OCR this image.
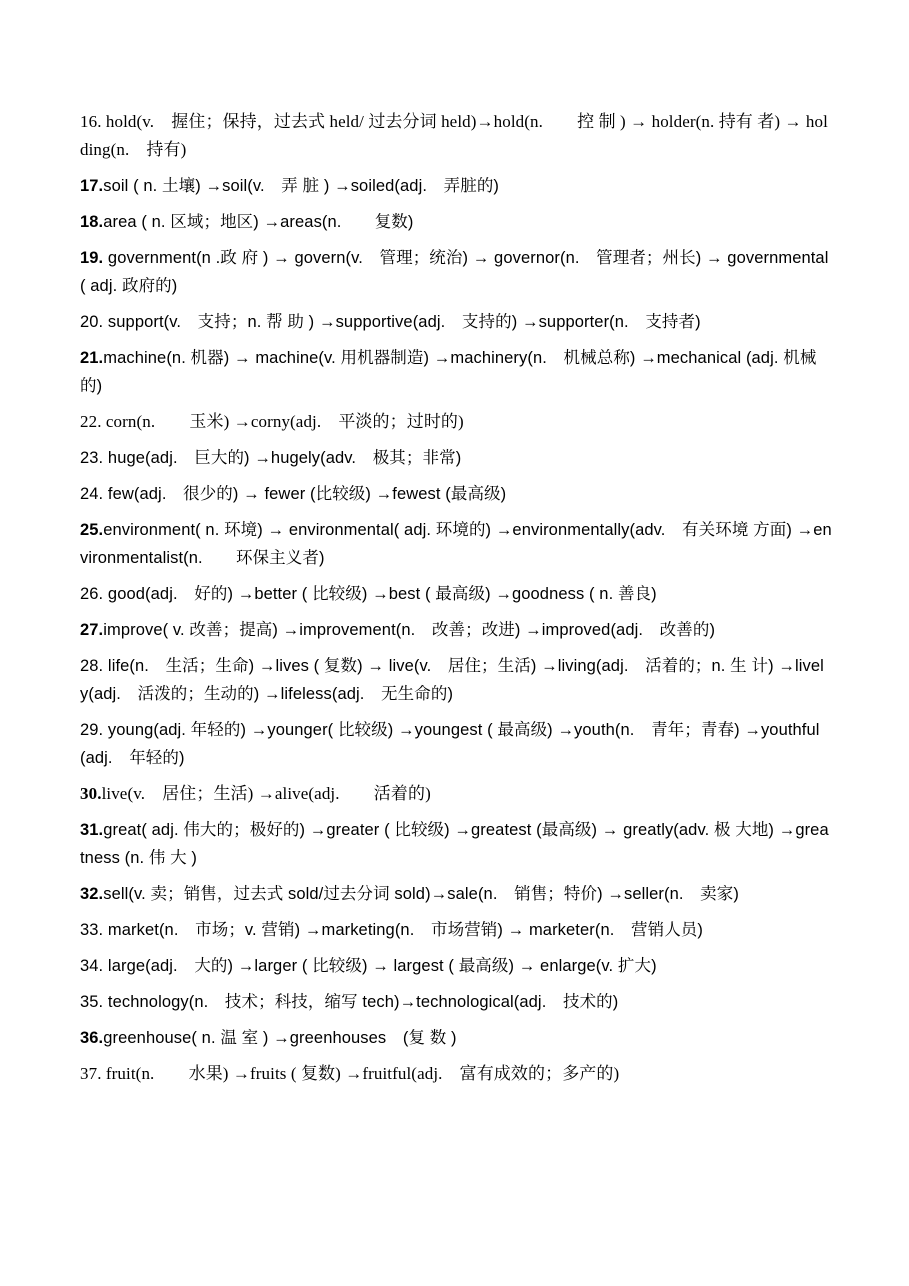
16. hold(v.　握住；保持，过去式 held/ 过去分词 held)→hold(n.　　控 制 ) → holder(n. 持有 者) → holding(n.　持有)

17.soil ( n. 土壤) →soil(v.　弄 脏 ) →soiled(adj.　弄脏的)

18.area ( n. 区域；地区) →areas(n.　　复数)

19. government(n .政 府 ) → govern(v.　管理；统治) → governor(n.　管理者；州长) → governmental( adj. 政府的)

20. support(v.　支持；n. 帮 助 ) →supportive(adj.　支持的) →supporter(n.　支持者)

21.machine(n. 机器) → machine(v. 用机器制造) →machinery(n.　机械总称) →mechanical (adj. 机械的)

22. corn(n.　　玉米) →corny(adj.　平淡的；过时的)

23. huge(adj.　巨大的) →hugely(adv.　极其；非常)

24. few(adj.　很少的) → fewer (比较级) →fewest (最高级)

25.environment( n. 环境) → environmental( adj. 环境的) →environmentally(adv.　有关环境 方面) →environmentalist(n.　　环保主义者)

26. good(adj.　好的) →better ( 比较级) →best ( 最高级) →goodness ( n. 善良)

27.improve( v. 改善；提高) →improvement(n.　改善；改进) →improved(adj.　改善的)

28. life(n.　生活；生命) →lives ( 复数) → live(v.　居住；生活) →living(adj.　活着的；n. 生 计) →lively(adj.　活泼的；生动的) →lifeless(adj.　无生命的)

29. young(adj. 年轻的) →younger( 比较级) →youngest ( 最高级) →youth(n.　青年；青春) →youthful (adj.　年轻的)

30.live(v.　居住；生活) →alive(adj.　　活着的)

31.great( adj. 伟大的；极好的) →greater ( 比较级) →greatest (最高级) → greatly(adv. 极 大地) →greatness (n. 伟 大 )

32.sell(v. 卖；销售，过去式 sold/过去分词 sold)→sale(n.　销售；特价) →seller(n.　卖家)

33. market(n.　市场；v. 营销) →marketing(n.　市场营销) → marketer(n.　营销人员)

34. large(adj.　大的) →larger ( 比较级) → largest ( 最高级) → enlarge(v. 扩大)

35. technology(n.　技术；科技，缩写 tech)→technological(adj.　技术的)

36.greenhouse( n. 温 室 ) →greenhouses　(复 数 )

37. fruit(n.　　水果) →fruits ( 复数) →fruitful(adj.　富有成效的；多产的)
